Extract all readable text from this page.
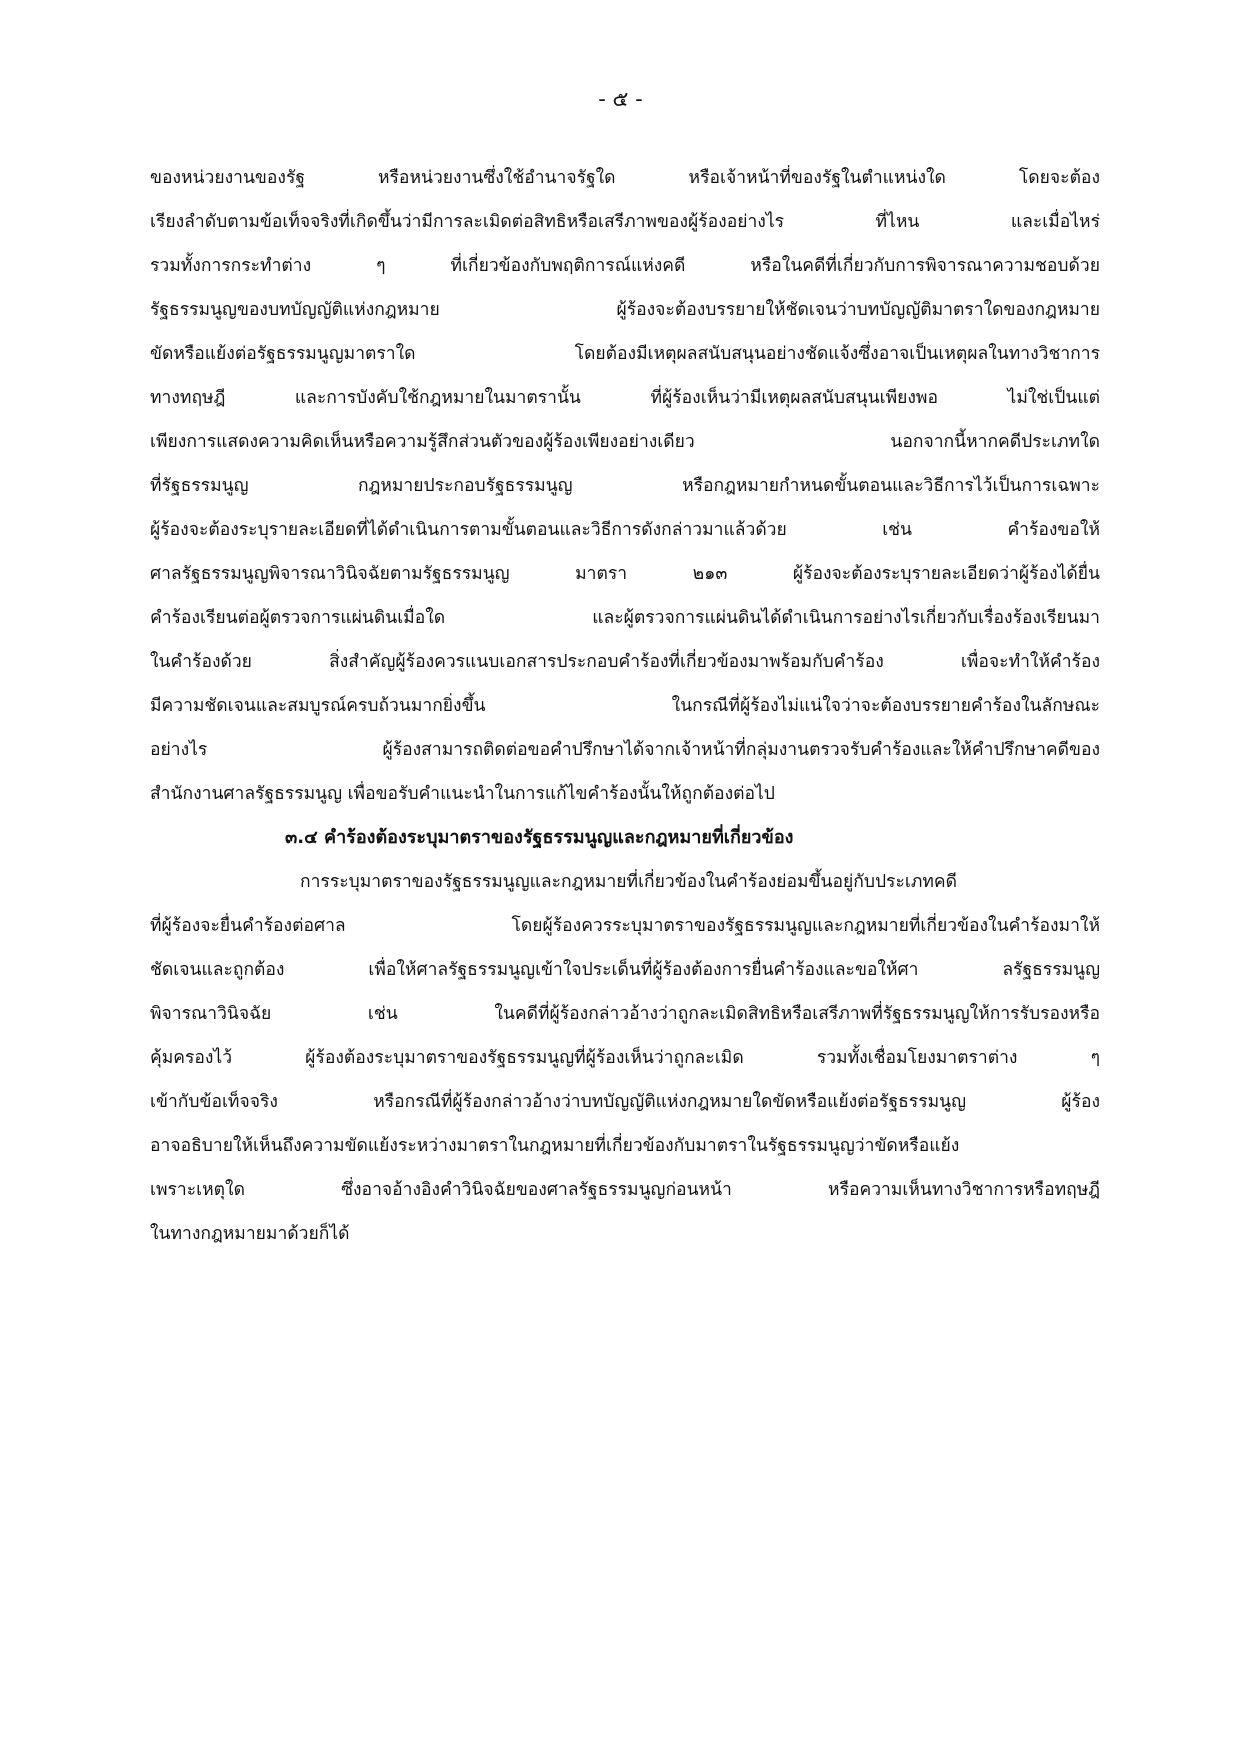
- ๕ -
ของหน่วยงานของรัฐ หรือหน่วยงานซึ่งใช้อำนาจรัฐใด หรือเจ้าหน้าที่ของรัฐในตำแหน่งใด โดยจะต้อง
เรียงลำดับตามข้อเท็จจริงที่เกิดขึ้นว่ามีการละเมิดต่อสิทธิหรือเสรีภาพของผู้ร้องอย่างไร ที่ไหน และเมื่อไหร่
รวมทั้งการกระทำต่าง ๆ ที่เกี่ยวข้องกับพฤติการณ์แห่งคดี หรือในคดีที่เกี่ยวกับการพิจารณาความชอบด้วย
รัฐธรรมนูญของบทบัญญัติแห่งกฎหมาย ผู้ร้องจะต้องบรรยายให้ชัดเจนว่าบทบัญญัติมาตราใดของกฎหมาย
ขัดหรือแย้งต่อรัฐธรรมนูญมาตราใด โดยต้องมีเหตุผลสนับสนุนอย่างชัดแจ้งซึ่งอาจเป็นเหตุผลในทางวิชาการ
ทางทฤษฎี และการบังคับใช้กฎหมายในมาตรานั้น ที่ผู้ร้องเห็นว่ามีเหตุผลสนับสนุนเพียงพอ ไม่ใช่เป็นแต่
เพียงการแสดงความคิดเห็นหรือความรู้สึกส่วนตัวของผู้ร้องเพียงอย่างเดียว นอกจากนี้หากคดีประเภทใด
ที่รัฐธรรมนูญ กฎหมายประกอบรัฐธรรมนูญ หรือกฎหมายกำหนดขั้นตอนและวิธีการไว้เป็นการเฉพาะ
ผู้ร้องจะต้องระบุรายละเอียดที่ได้ดำเนินการตามขั้นตอนและวิธีการดังกล่าวมาแล้วด้วย เช่น คำร้องขอให้
ศาลรัฐธรรมนูญพิจารณาวินิจฉัยตามรัฐธรรมนูญ มาตรา ๒๑๓ ผู้ร้องจะต้องระบุรายละเอียดว่าผู้ร้องได้ยื่น
คำร้องเรียนต่อผู้ตรวจการแผ่นดินเมื่อใด และผู้ตรวจการแผ่นดินได้ดำเนินการอย่างไรเกี่ยวกับเรื่องร้องเรียนมา
ในคำร้องด้วย สิ่งสำคัญผู้ร้องควรแนบเอกสารประกอบคำร้องที่เกี่ยวข้องมาพร้อมกับคำร้อง เพื่อจะทำให้คำร้อง
มีความชัดเจนและสมบูรณ์ครบถ้วนมากยิ่งขึ้น ในกรณีที่ผู้ร้องไม่แน่ใจว่าจะต้องบรรยายคำร้องในลักษณะ
อย่างไร ผู้ร้องสามารถติดต่อขอคำปรึกษาได้จากเจ้าหน้าที่กลุ่มงานตรวจรับคำร้องและให้คำปรึกษาคดีของ
สำนักงานศาลรัฐธรรมนูญ เพื่อขอรับคำแนะนำในการแก้ไขคำร้องนั้นให้ถูกต้องต่อไป
๓.๔ คำร้องต้องระบุมาตราของรัฐธรรมนูญและกฎหมายที่เกี่ยวข้อง
การระบุมาตราของรัฐธรรมนูญและกฎหมายที่เกี่ยวข้องในคำร้องย่อมขึ้นอยู่กับประเภทคดี
ที่ผู้ร้องจะยื่นคำร้องต่อศาล โดยผู้ร้องควรระบุมาตราของรัฐธรรมนูญและกฎหมายที่เกี่ยวข้องในคำร้องมาให้
ชัดเจนและถูกต้อง เพื่อให้ศาลรัฐธรรมนูญเข้าใจประเด็นที่ผู้ร้องต้องการยื่นคำร้องและขอให้ศา ลรัฐธรรมนูญ
พิจารณาวินิจฉัย เช่น ในคดีที่ผู้ร้องกล่าวอ้างว่าถูกละเมิดสิทธิหรือเสรีภาพที่รัฐธรรมนูญให้การรับรองหรือ
คุ้มครองไว้ ผู้ร้องต้องระบุมาตราของรัฐธรรมนูญที่ผู้ร้องเห็นว่าถูกละเมิด รวมทั้งเชื่อมโยงมาตราต่าง ๆ
เข้ากับข้อเท็จจริง หรือกรณีที่ผู้ร้องกล่าวอ้างว่าบทบัญญัติแห่งกฎหมายใดขัดหรือแย้งต่อรัฐธรรมนูญ ผู้ร้อง
อาจอธิบายให้เห็นถึงความขัดแย้งระหว่างมาตราในกฎหมายที่เกี่ยวข้องกับมาตราในรัฐธรรมนูญว่าขัดหรือแย้ง
เพราะเหตุใด ซึ่งอาจอ้างอิงคำวินิจฉัยของศาลรัฐธรรมนูญก่อนหน้า หรือความเห็นทางวิชาการหรือทฤษฎี
ในทางกฎหมายมาด้วยก็ได้
